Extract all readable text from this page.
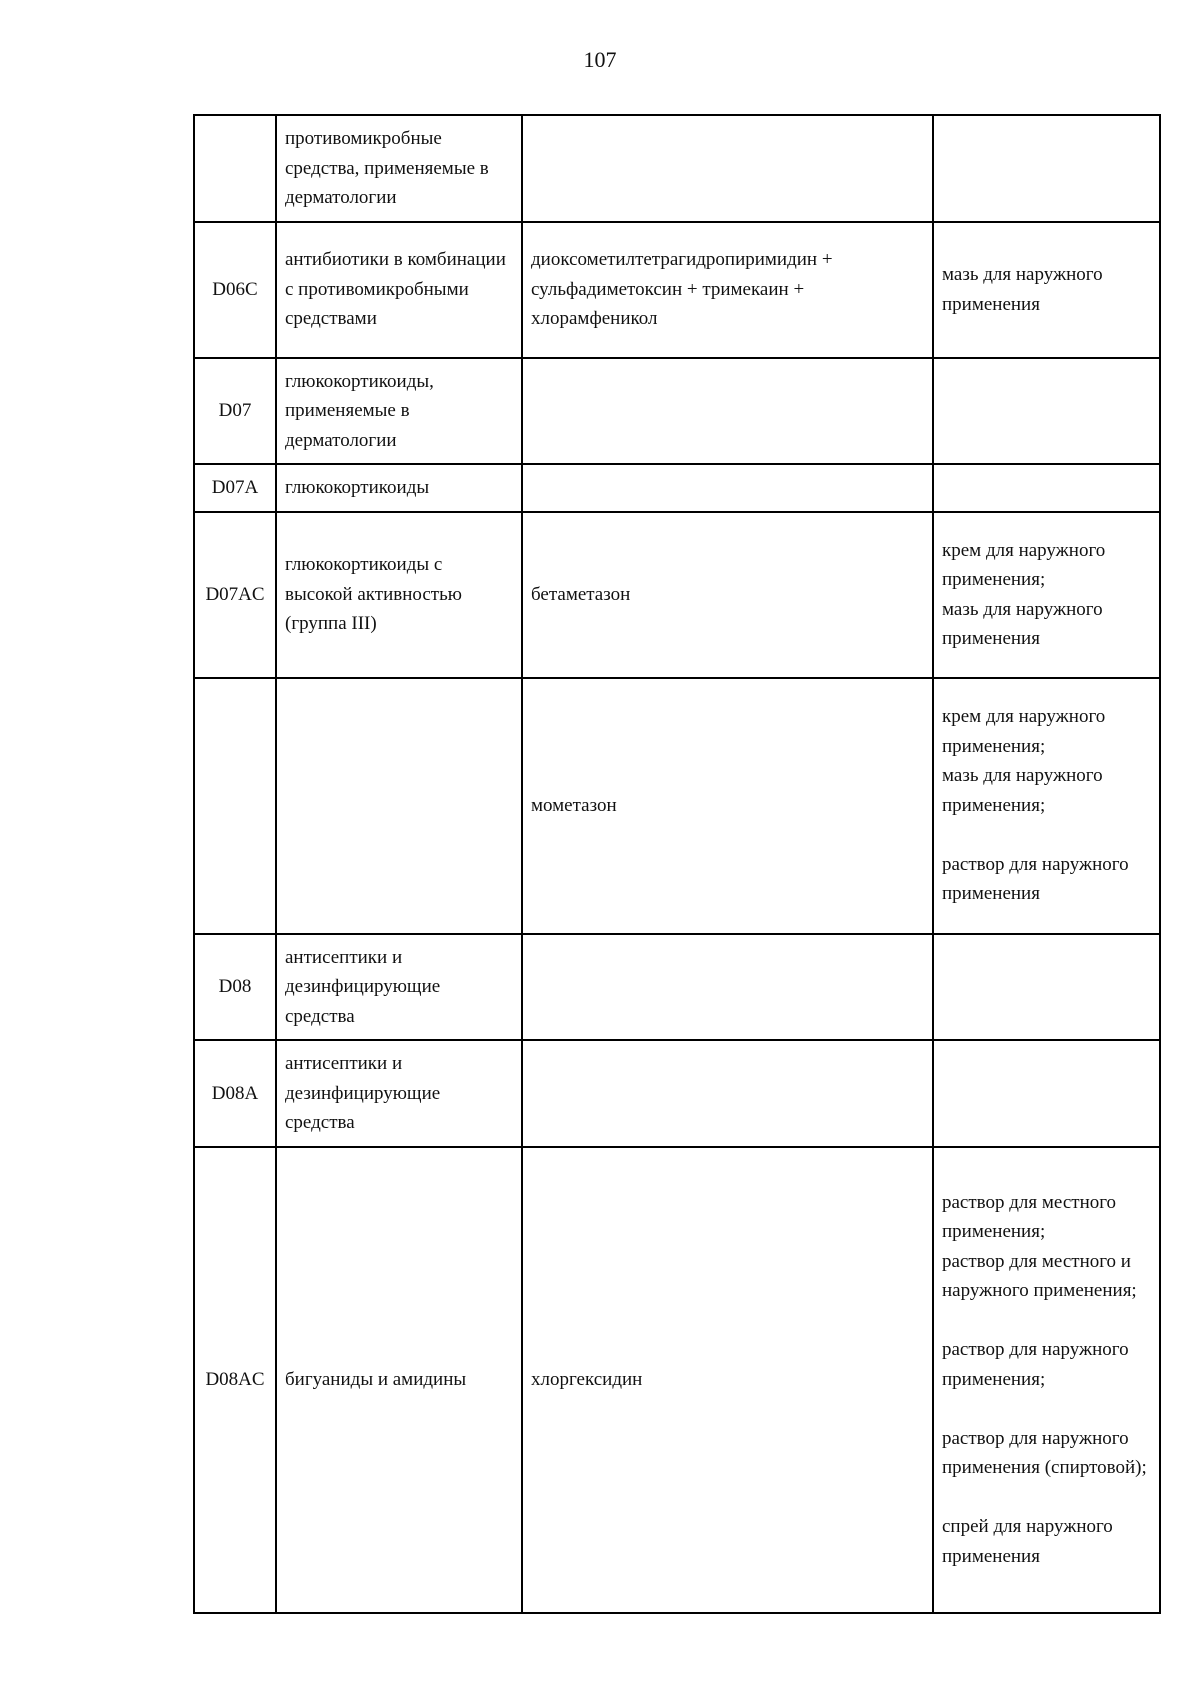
107
	противомикробные средства, применяемые в дерматологии		
D06C	антибиотики в комбинации с противомикробными средствами	диоксометилтетрагидропиримидин + сульфадиметоксин + тримекаин + хлорамфеникол	мазь для наружного применения

D07	глюкокортикоиды, применяемые в дерматологии		
D07A	глюкокортикоиды		
D07AC	глюкокортикоиды с высокой активностью (группа III)	бетаметазон	крем для наружного применения;
мазь для наружного применения

		мометазон	крем для наружного применения;
мазь для наружного применения;
раствор для наружного применения

D08	антисептики и дезинфицирующие средства		
D08A	антисептики и дезинфицирующие средства		
D08AC	бигуаниды и амидины	хлоргексидин	раствор для местного применения;
раствор для местного и наружного применения;
раствор для наружного применения;
раствор для наружного применения (спиртовой);
спрей для наружного применения
